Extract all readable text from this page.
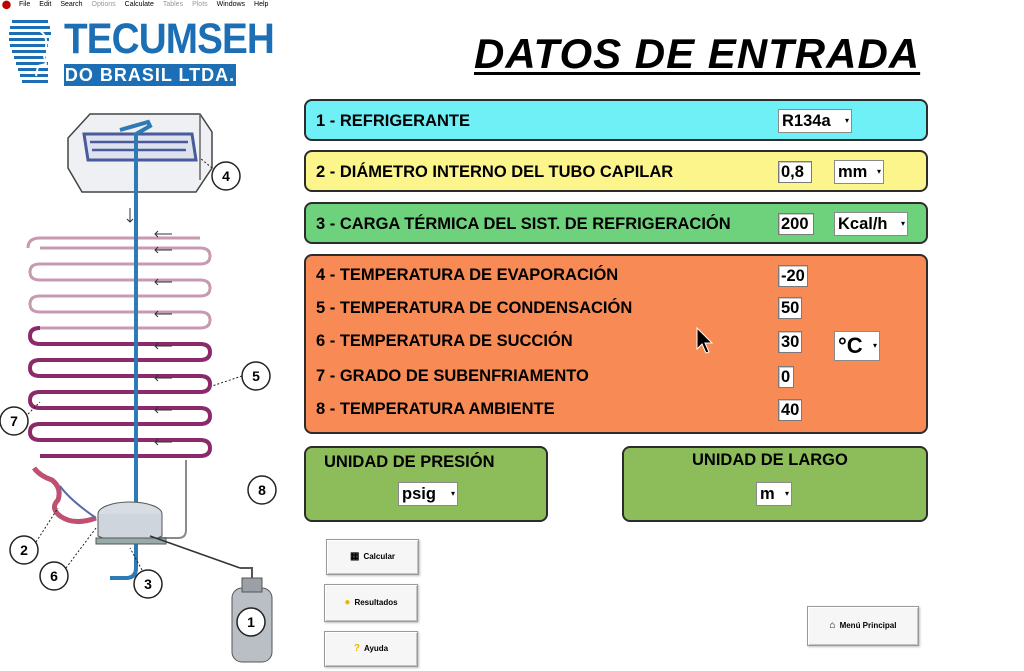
⬤ File Edit Search Options Calculate Tables Plots Windows Help
TECUMSEH
DO BRASIL LTDA.	DATOS DE ENTRADA
4
5
7
8
2
6	3
1
1 - REFRIGERANTE	R134a ▾
2 - DIÁMETRO INTERNO DEL TUBO CAPILAR	0,8	mm ▾
3 - CARGA TÉRMICA DEL SIST. DE REFRIGERACIÓN	200	Kcal/h ▾
4 - TEMPERATURA DE EVAPORACIÓN	-20
5 - TEMPERATURA DE CONDENSACIÓN	50
6 - TEMPERATURA DE SUCCIÓN	30
7 - GRADO DE SUBENFRIAMENTO	0
8 - TEMPERATURA AMBIENTE	40
°C ▾
UNIDAD DE PRESIÓN
psig ▾
UNIDAD DE LARGO
m ▾
▦ Calcular
● Resultados
? Ayuda
⌂ Menú Principal
